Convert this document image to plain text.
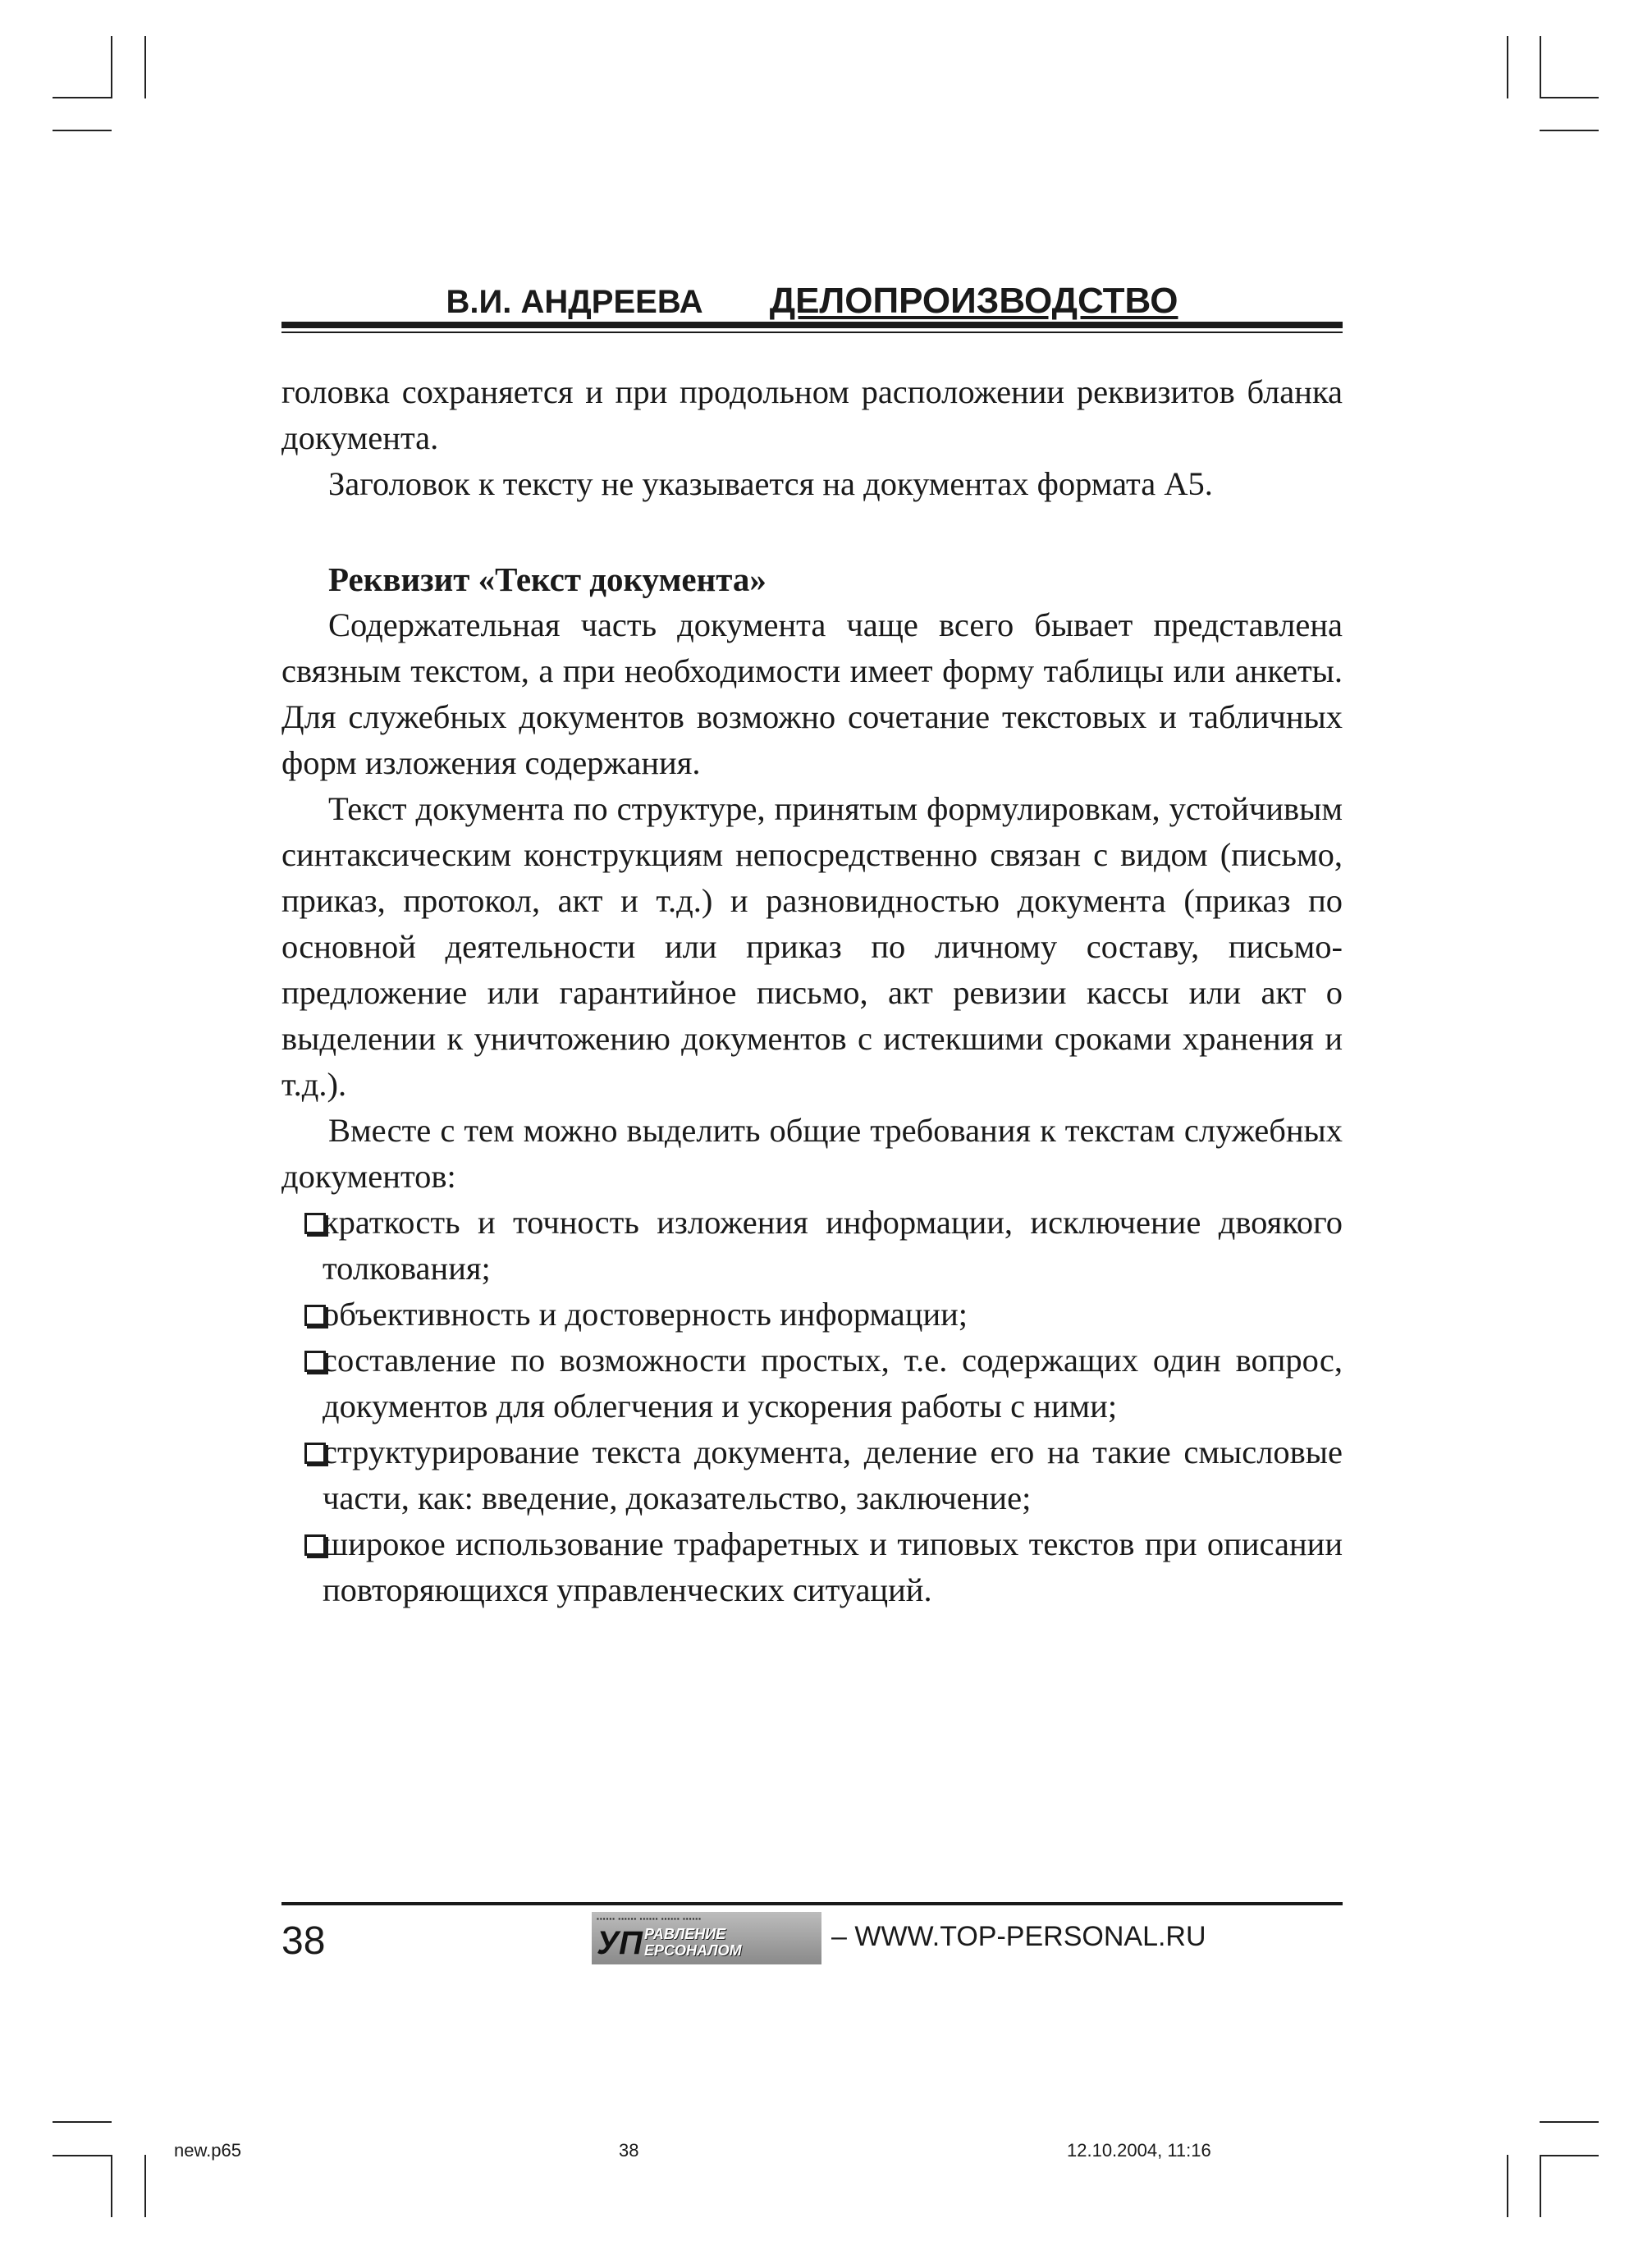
В.И. АНДРЕЕВА ДЕЛОПРОИЗВОДСТВО

головка сохраняется и при продольном расположении реквизитов бланка документа.

Заголовок к тексту не указывается на документах формата А5.

Реквизит «Текст документа»

Содержательная часть документа чаще всего бывает представлена связным текстом, а при необходимости имеет форму таблицы или анкеты. Для служебных документов возможно сочетание текстовых и табличных форм изложения содержания.

Текст документа по структуре, принятым формулировкам, устойчивым синтаксическим конструкциям непосредственно связан с видом (письмо, приказ, протокол, акт и т.д.) и разновидностью документа (приказ по основной деятельности или приказ по личному составу, письмо-предложение или гарантийное письмо, акт ревизии кассы или акт о выделении к уничтожению документов с истекшими сроками хранения и т.д.).

Вместе с тем можно выделить общие требования к текстам служебных документов:

краткость и точность изложения информации, исключение двоякого толкования;
объективность и достоверность информации;
составление по возможности простых, т.е. содержащих один вопрос, документов для облегчения и ускорения работы с ними;
структурирование текста документа, деление его на такие смысловые части, как: введение, доказательство, заключение;
широкое использование трафаретных и типовых текстов при описании повторяющихся управленческих ситуаций.
38
▪▪▪▪▪▪ ▪▪▪▪▪▪ ▪▪▪▪▪▪ ▪▪▪▪▪▪ ▪▪▪▪▪▪
УП РАВЛЕНИЕ
ЕРСОНАЛОМ	– WWW.TOP-PERSONAL.RU
new.p65	38	12.10.2004, 11:16
